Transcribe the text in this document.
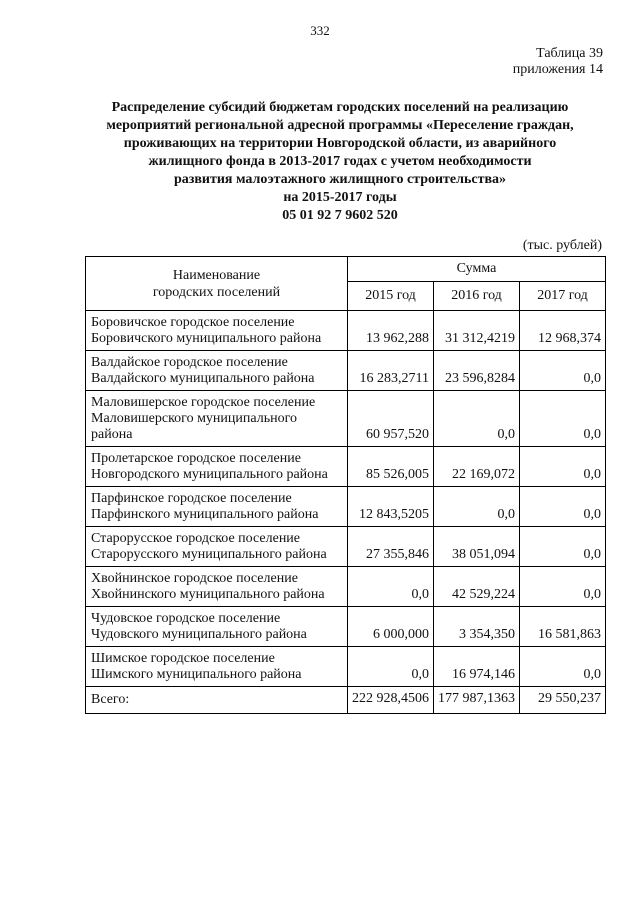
332
Таблица 39
приложения 14
Распределение субсидий бюджетам городских поселений на реализацию
мероприятий региональной адресной программы «Переселение граждан,
проживающих на территории Новгородской области, из аварийного
жилищного фонда в 2013-2017 годах с учетом необходимости
развития малоэтажного жилищного строительства»
на 2015-2017 годы
05 01 92 7 9602 520
(тыс. рублей)
Наименование
городских поселений	Сумма		
	2015 год	2016 год	2017 год

Боровичское городское поселение
Боровичского муниципального района	13 962,288	31 312,4219	12 968,374

Валдайское городское поселение
Валдайского муниципального района	16 283,2711	23 596,8284	0,0

Маловишерское городское поселение
Маловишерского муниципального
района	60 957,520	0,0	0,0

Пролетарское городское поселение
Новгородского муниципального района	85 526,005	22 169,072	0,0

Парфинское городское поселение
Парфинского муниципального района	12 843,5205	0,0	0,0

Старорусское городское поселение
Старорусского муниципального района	27 355,846	38 051,094	0,0

Хвойнинское городское поселение
Хвойнинского муниципального района	0,0	42 529,224	0,0

Чудовское городское поселение
Чудовского муниципального района	6 000,000	3 354,350	16 581,863

Шимское городское поселение
Шимского муниципального района	0,0	16 974,146	0,0
Всего:	222 928,4506	177 987,1363	29 550,237
